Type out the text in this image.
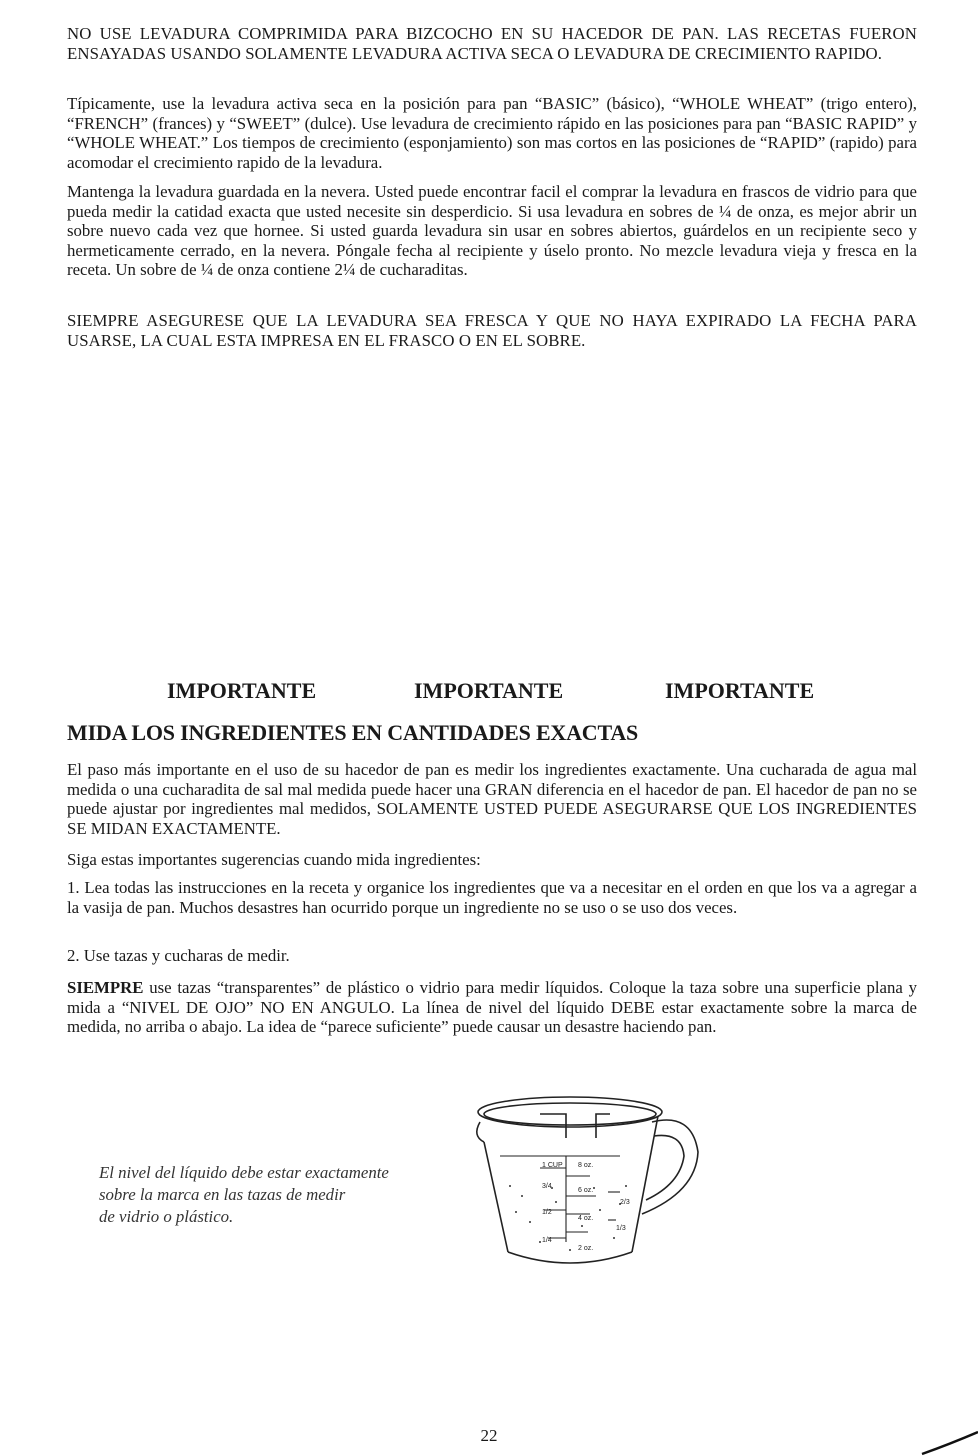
NO USE LEVADURA COMPRIMIDA PARA BIZCOCHO EN SU HACEDOR DE PAN. LAS RECETAS FUERON ENSAYADAS USANDO SOLAMENTE LEVADURA ACTIVA SECA O LEVADURA DE CRECIMIENTO RAPIDO.

Típicamente, use la levadura activa seca en la posición para pan “BASIC” (básico), “WHOLE WHEAT” (trigo entero), “FRENCH” (frances) y “SWEET” (dulce). Use levadura de crecimiento rápido en las posiciones para pan “BASIC RAPID” y “WHOLE WHEAT.” Los tiempos de crecimiento (esponjamiento) son mas cortos en las posiciones de “RAPID” (rapido) para acomodar el crecimiento rapido de la levadura.

Mantenga la levadura guardada en la nevera. Usted puede encontrar facil el comprar la levadura en frascos de vidrio para que pueda medir la catidad exacta que usted necesite sin desperdicio. Si usa levadura en sobres de ¼ de onza, es mejor abrir un sobre nuevo cada vez que hornee. Si usted guarda levadura sin usar en sobres abiertos, guárdelos en un recipiente seco y hermeticamente cerrado, en la nevera. Póngale fecha al recipiente y úselo pronto. No mezcle levadura vieja y fresca en la receta. Un sobre de ¼ de onza contiene 2¼ de cucharaditas.

SIEMPRE ASEGURESE QUE LA LEVADURA SEA FRESCA Y QUE NO HAYA EXPIRADO LA FECHA PARA USARSE, LA CUAL ESTA IMPRESA EN EL FRASCO O EN EL SOBRE.

IMPORTANTE	IMPORTANTE	IMPORTANTE
MIDA LOS INGREDIENTES EN CANTIDADES EXACTAS

El paso más importante en el uso de su hacedor de pan es medir los ingredientes exactamente. Una cucharada de agua mal medida o una cucharadita de sal mal medida puede hacer una GRAN diferencia en el hacedor de pan. El hacedor de pan no se puede ajustar por ingredientes mal medidos, SOLAMENTE USTED PUEDE ASEGURARSE QUE LOS INGREDIENTES SE MIDAN EXACTAMENTE.

Siga estas importantes sugerencias cuando mida ingredientes:

1. Lea todas las instrucciones en la receta y organice los ingredientes que va a necesitar en el orden en que los va a agregar a la vasija de pan. Muchos desastres han ocurrido porque un ingrediente no se uso o se uso dos veces.

2. Use tazas y cucharas de medir.

SIEMPRE use tazas “transparentes” de plástico o vidrio para medir líquidos. Coloque la taza sobre una superficie plana y mida a “NIVEL DE OJO” NO EN ANGULO. La línea de nivel del líquido DEBE estar exactamente sobre la marca de medida, no arriba o abajo. La idea de “parece suficiente” puede causar un desastre haciendo pan.

El nivel del líquido debe estar exactamente
sobre la marca en las tazas de medir
de vidrio o plástico.
1 CUP 8 oz.
6 oz.
4 oz.
2 oz.
3/4
2/3
1/2
1/3
1/4
22
